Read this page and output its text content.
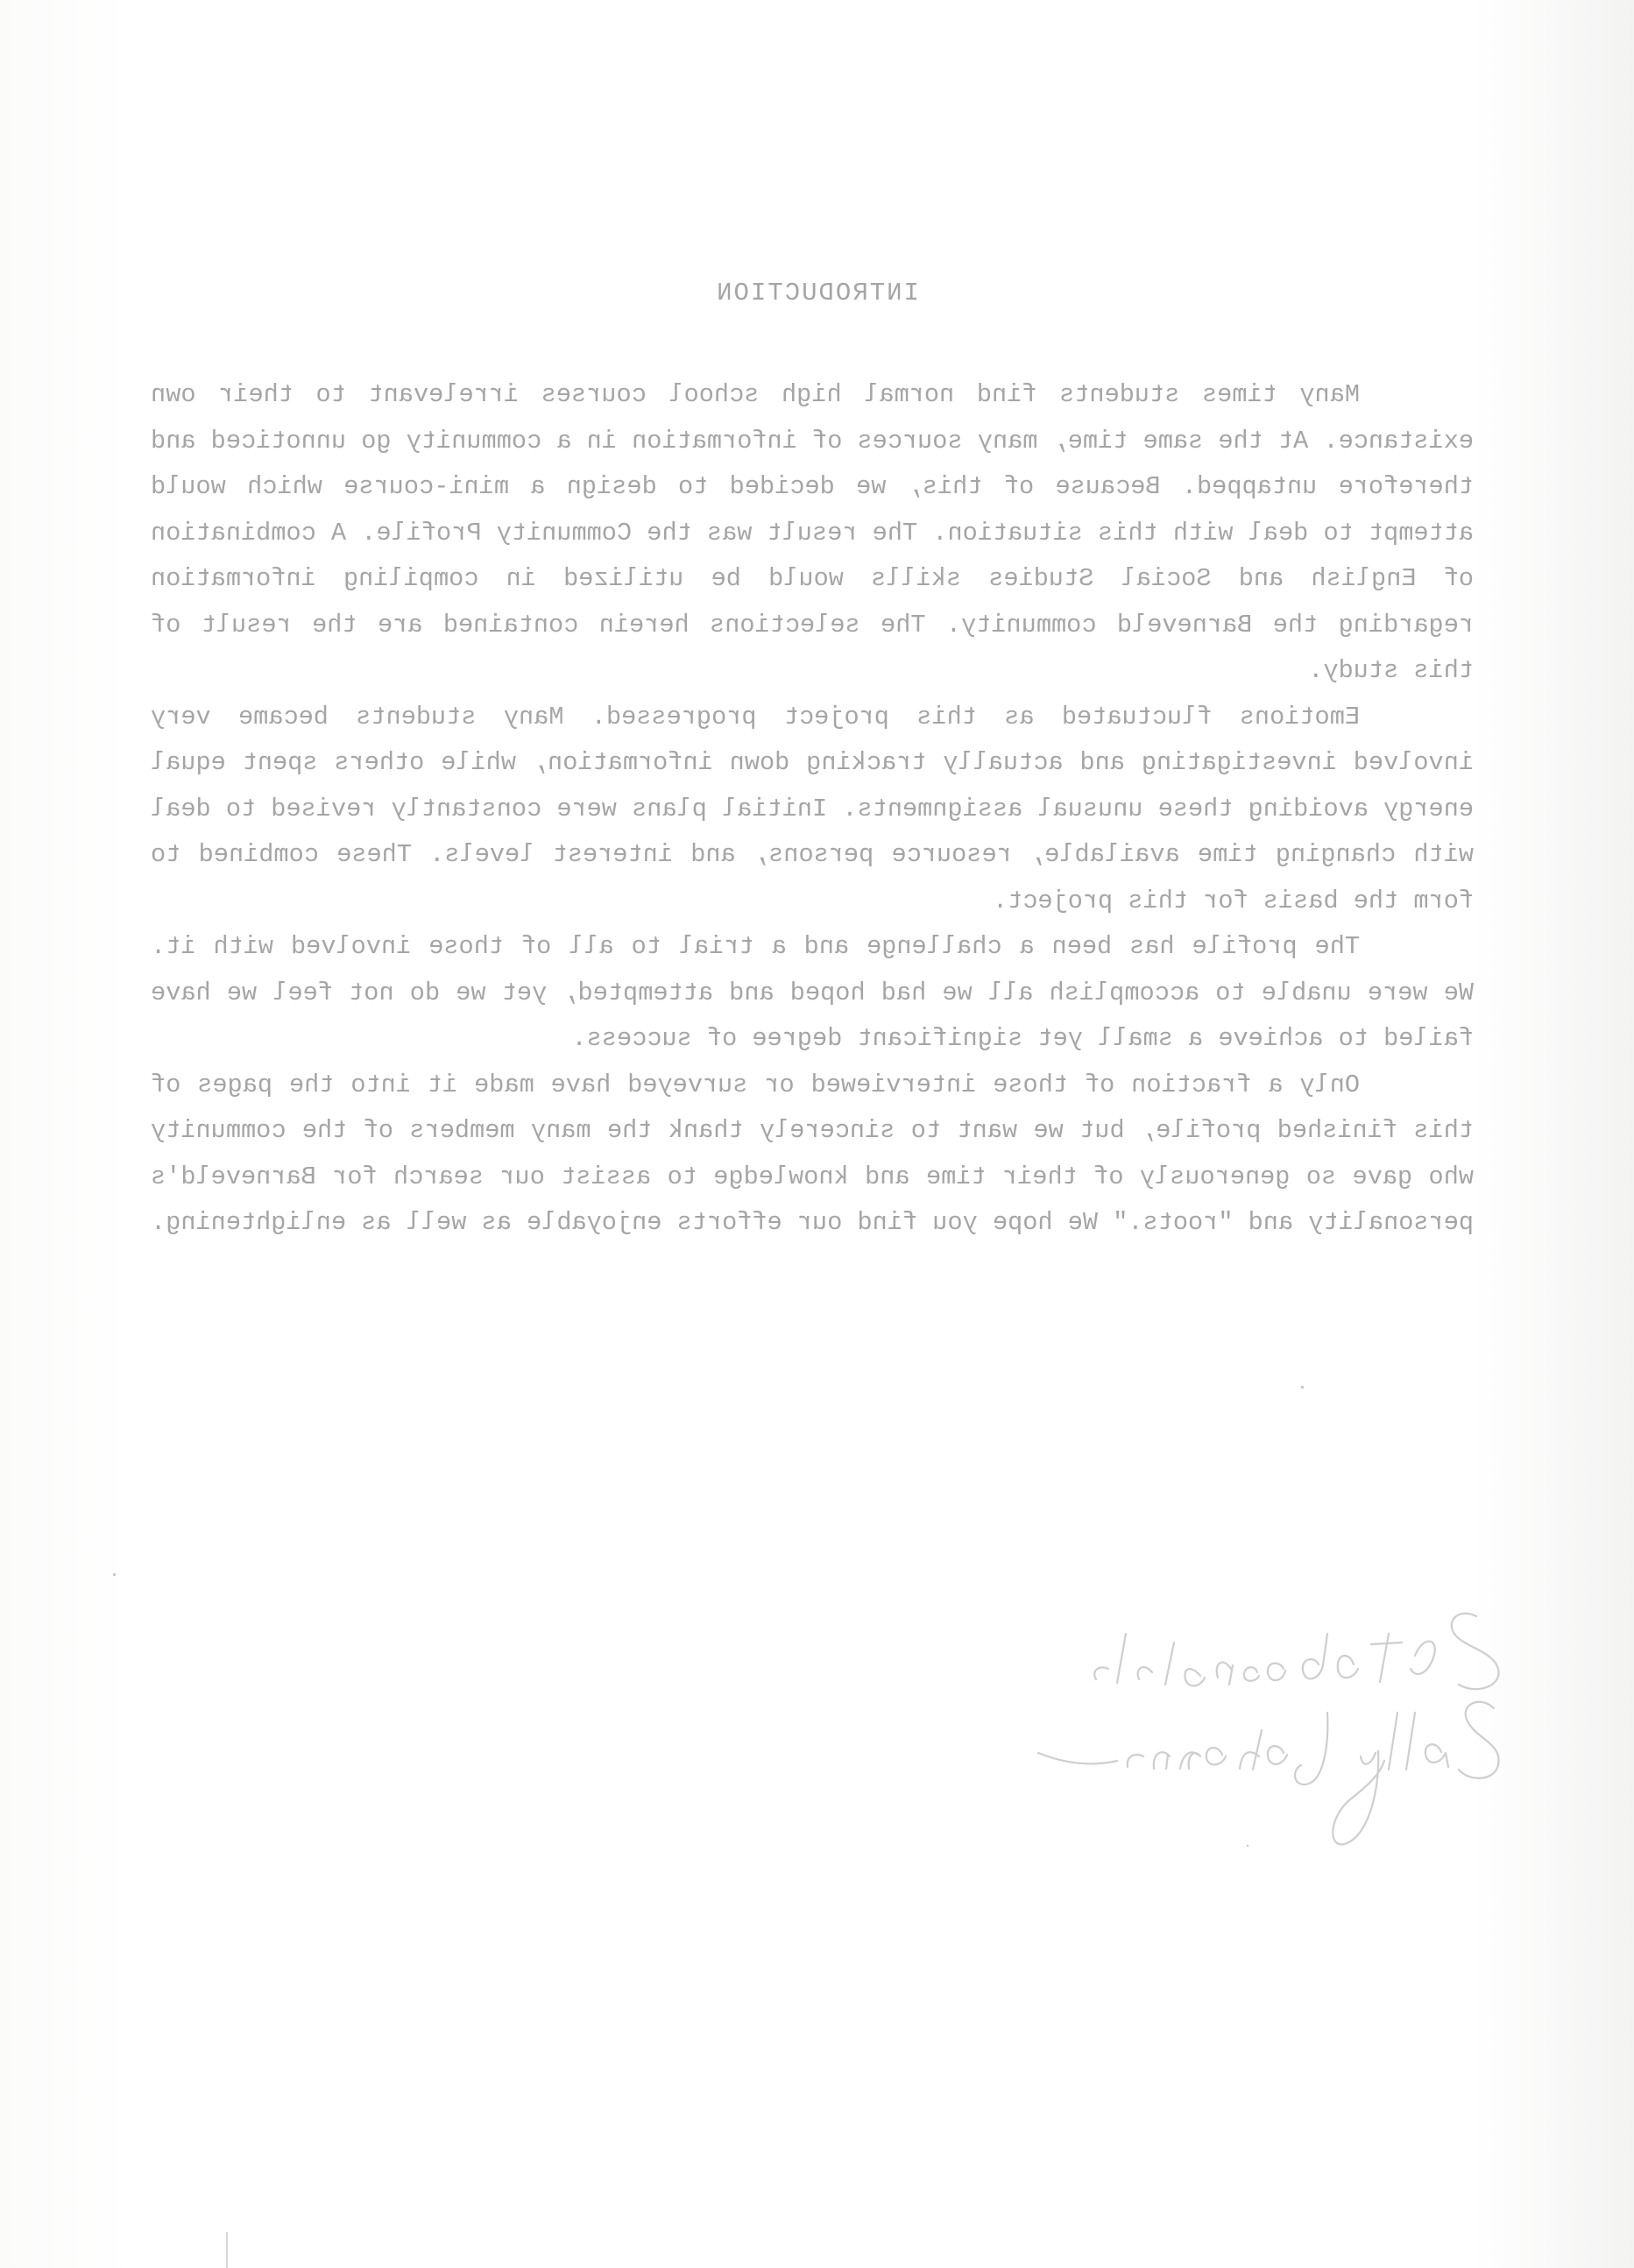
INTRODUCTION

Many times students find normal high school courses irrelevant to their own existance. At the same time, many sources of information in a community go unnoticed and therefore untapped. Because of this, we decided to design a mini-course which would attempt to deal with this situation. The result was the Community Profile. A combination of English and Social Studies skills would be utilized in compiling information regarding the Barneveld community. The selections herein contained are the result of this study.

Emotions fluctuated as this project progressed. Many students became very involved investigating and actually tracking down information, while others spent equal energy avoiding these unusual assignments. Initial plans were constantly revised to deal with changing time available, resource persons, and interest levels. These combined to form the basis for this project.

The profile has been a challenge and a trial to all of those involved with it. We were unable to accomplish all we had hoped and attempted, yet we do not feel we have failed to achieve a small yet significant degree of success.

Only a fraction of those interviewed or surveyed have made it into the pages of this finished profile, but we want to sincerely thank the many members of the community who gave so generously of their time and knowledge to assist our search for Barneveld's personality and "roots." We hope you find our efforts enjoyable as well as enlightening.
